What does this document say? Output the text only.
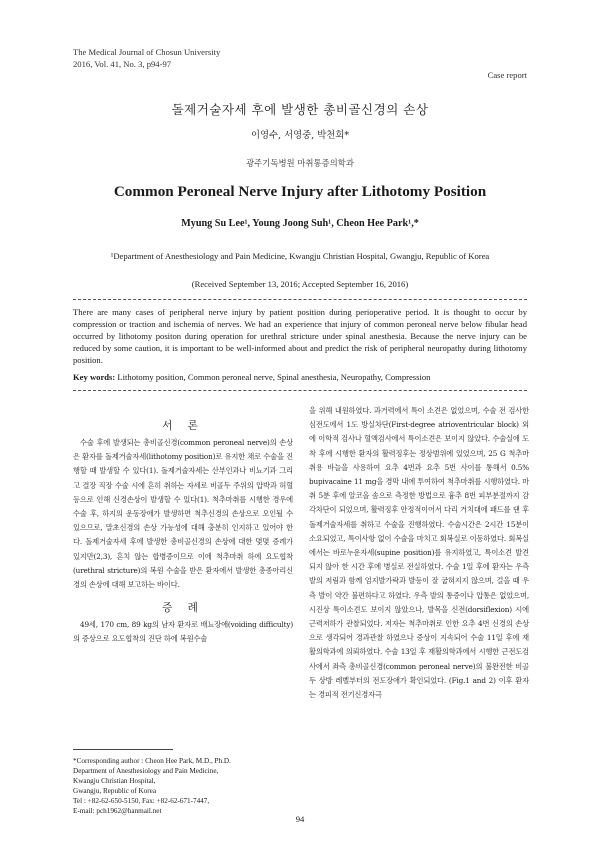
The Medical Journal of Chosun University
2016, Vol. 41, No. 3, p94-97
Case report
돌제거술자세 후에 발생한 총비골신경의 손상
이영수, 서영중, 박천희*
광주기독병원 마취통증의학과
Common Peroneal Nerve Injury after Lithotomy Position
Myung Su Lee¹, Young Joong Suh¹, Cheon Hee Park¹,*
¹Department of Anesthesiology and Pain Medicine, Kwangju Christian Hospital, Gwangju, Republic of Korea
(Received September 13, 2016; Accepted September 16, 2016)
There are many cases of peripheral nerve injury by patient position during perioperative period. It is thought to occur by compression or traction and ischemia of nerves. We had an experience that injury of common peroneal nerve below fibular head occurred by lithotomy positon during operation for urethral stricture under spinal anesthesia. Because the nerve injury can be reduced by some caution, it is important to be well-informed about and predict the risk of peripheral neuropathy during lithotomy position.
Key words: Lithotomy position, Common peroneal nerve, Spinal anesthesia, Neuropathy, Compression
서 론
수술 후에 발생되는 총비골신경(common peroneal nerve)의 손상은 환자를 돌제거술자세(lithotomy position)로 유지한 채로 수술을 진행할 때 발생할 수 있다(1). 돌제거술자세는 산부인과나 비뇨기과 그리고 결장 직장 수술 시에 흔히 취하는 자세로 비골두 주위의 압박과 허혈 등으로 인해 신경손상이 발생할 수 있다(1). 척추마취를 시행한 경우에 수술 후, 하지의 운동장애가 발생하면 척추신경의 손상으로 오인될 수 있으므로, 말초신경의 손상 가능성에 대해 충분히 인지하고 있어야 한다. 돌제거술자세 후에 발생한 총비골신경의 손상에 대한 몇몇 증례가 있지만(2,3), 흔치 않는 합병증이므로 이에 척추마취 하에 요도협착(urethral stricture)의 복원 수술을 받은 환자에서 발생한 총종아리신경의 손상에 대해 보고하는 바이다.
증 례
49세, 170 cm, 89 kg의 남자 환자로 배뇨장애(voiding difficulty)의 증상으로 요도협착의 진단 하에 복원수술
을 위해 내원하였다. 과거력에서 특이 소견은 없었으며, 수술 전 검사한 심전도에서 1도 방실차단(First-degree atrioventricular block) 외에 이학적 검사나 혈액검사에서 특이소견은 보이지 않았다. 수술실에 도착 후에 시행한 환자의 활력징후는 정상범위에 있었으며, 25 G 척추마취용 바늘을 사용하여 요추 4번과 요추 5번 사이를 통해서 0.5% bupivacaine 11 mg을 경막 내에 투여하여 척추마취를 시행하였다. 마취 5분 후에 알코올 솜으로 측정한 방법으로 흉추 8번 피부분절까지 감각차단이 되었으며, 활력징후 안정적이어서 다리 거치대에 패드를 댄 후 돌제거술자세를 취하고 수술을 진행하였다. 수술시간은 2시간 15분이 소요되었고, 특이사항 없이 수술을 마치고 회복실로 이동하였다. 회복실에서는 바로누운자세(supine position)를 유지하였고, 특이소견 발견되지 않아 한 시간 후에 병실로 전실하였다. 수술 1일 후에 환자는 우측 발의 저림과 함께 엄지발가락과 발등이 잘 굽혀지지 않으며, 걸을 때 우측 발이 약간 불편하다고 하였다. 우측 발의 통증이나 압통은 없었으며, 시진상 특이소견도 보이지 않았으나, 발목을 신전(dorsiflexion) 시에 근력저하가 관찰되었다. 저자는 척추마취로 인한 요추 4번 신경의 손상으로 생각되어 경과관찰 하였으나 증상이 지속되어 수술 11일 후에 재활의학과에 의뢰하였다. 수술 13일 후 재활의학과에서 시행한 근전도검사에서 좌측 총비골신경(common peroneal nerve)의 불완전한 비골두 상방 레벨부터의 전도장애가 확인되었다. (Fig.1 and 2) 이후 환자는 경피적 전기신경자극
*Corresponding author : Cheon Hee Park, M.D., Ph.D.
Department of Anesthesiology and Pain Medicine,
Kwangju Christian Hospital,
Gwangju, Republic of Korea
Tel : +82-62-650-5150, Fax: +82-62-671-7447,
E-mail: pch1962@hanmail.net
94
